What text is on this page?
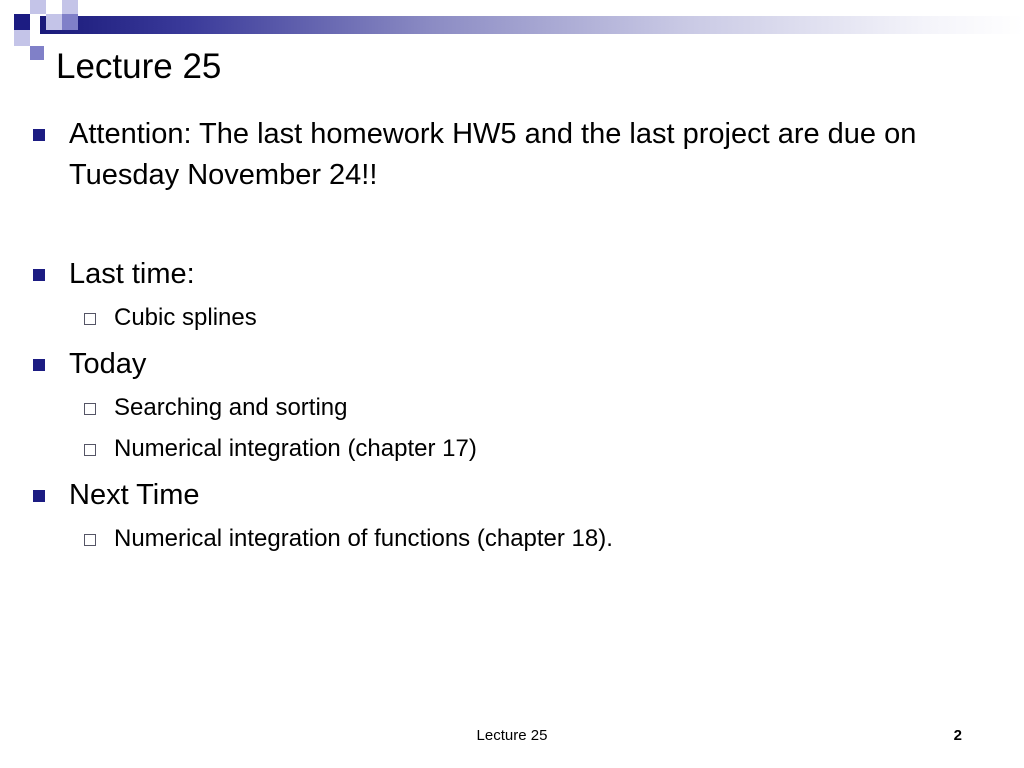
Lecture 25
Attention: The last homework HW5 and the last project are due on Tuesday November 24!!
Last time:
Cubic splines
Today
Searching and sorting
Numerical integration (chapter 17)
Next Time
Numerical integration of functions (chapter 18).
Lecture 25	2
